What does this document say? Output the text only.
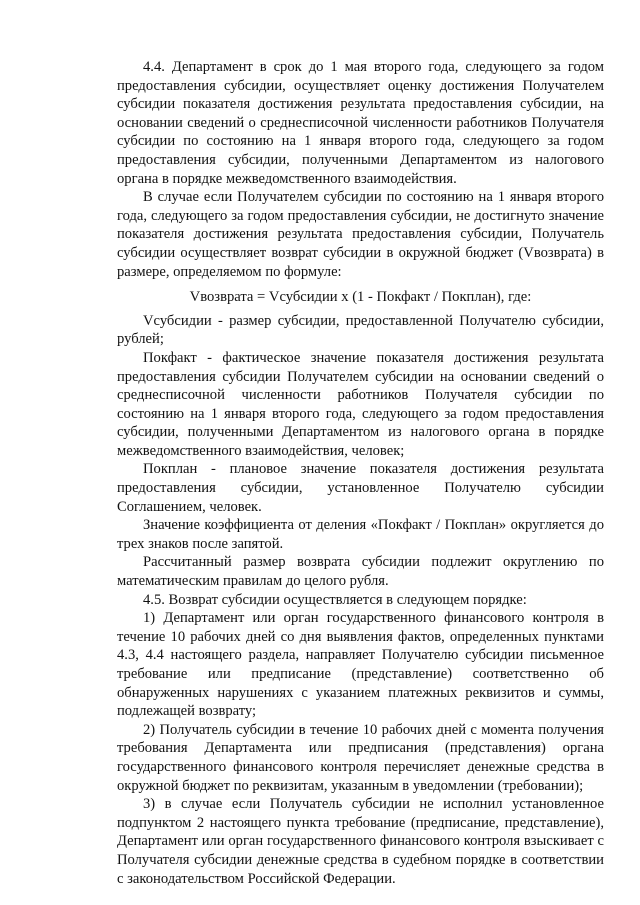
4.4. Департамент в срок до 1 мая второго года, следующего за годом предоставления субсидии, осуществляет оценку достижения Получателем субсидии показателя достижения результата предоставления субсидии, на основании сведений о среднесписочной численности работников Получателя субсидии по состоянию на 1 января второго года, следующего за годом предоставления субсидии, полученными Департаментом из налогового органа в порядке межведомственного взаимодействия.

В случае если Получателем субсидии по состоянию на 1 января второго года, следующего за годом предоставления субсидии, не достигнуто значение показателя достижения результата предоставления субсидии, Получатель субсидии осуществляет возврат субсидии в окружной бюджет (Vвозврата) в размере, определяемом по формуле:

Vвозврата = Vсубсидии x (1 - Покфакт / Покплан), где:

Vсубсидии - размер субсидии, предоставленной Получателю субсидии, рублей;

Покфакт - фактическое значение показателя достижения результата предоставления субсидии Получателем субсидии на основании сведений о среднесписочной численности работников Получателя субсидии по состоянию на 1 января второго года, следующего за годом предоставления субсидии, полученными Департаментом из налогового органа в порядке межведомственного взаимодействия, человек;

Покплан - плановое значение показателя достижения результата предоставления субсидии, установленное Получателю субсидии Соглашением, человек.

Значение коэффициента от деления «Покфакт / Покплан» округляется до трех знаков после запятой.

Рассчитанный размер возврата субсидии подлежит округлению по математическим правилам до целого рубля.

4.5. Возврат субсидии осуществляется в следующем порядке:

1) Департамент или орган государственного финансового контроля в течение 10 рабочих дней со дня выявления фактов, определенных пунктами 4.3, 4.4 настоящего раздела, направляет Получателю субсидии письменное требование или предписание (представление) соответственно об обнаруженных нарушениях с указанием платежных реквизитов и суммы, подлежащей возврату;

2) Получатель субсидии в течение 10 рабочих дней с момента получения требования Департамента или предписания (представления) органа государственного финансового контроля перечисляет денежные средства в окружной бюджет по реквизитам, указанным в уведомлении (требовании);

3) в случае если Получатель субсидии не исполнил установленное подпунктом 2 настоящего пункта требование (предписание, представление), Департамент или орган государственного финансового контроля взыскивает с Получателя субсидии денежные средства в судебном порядке в соответствии с законодательством Российской Федерации.
